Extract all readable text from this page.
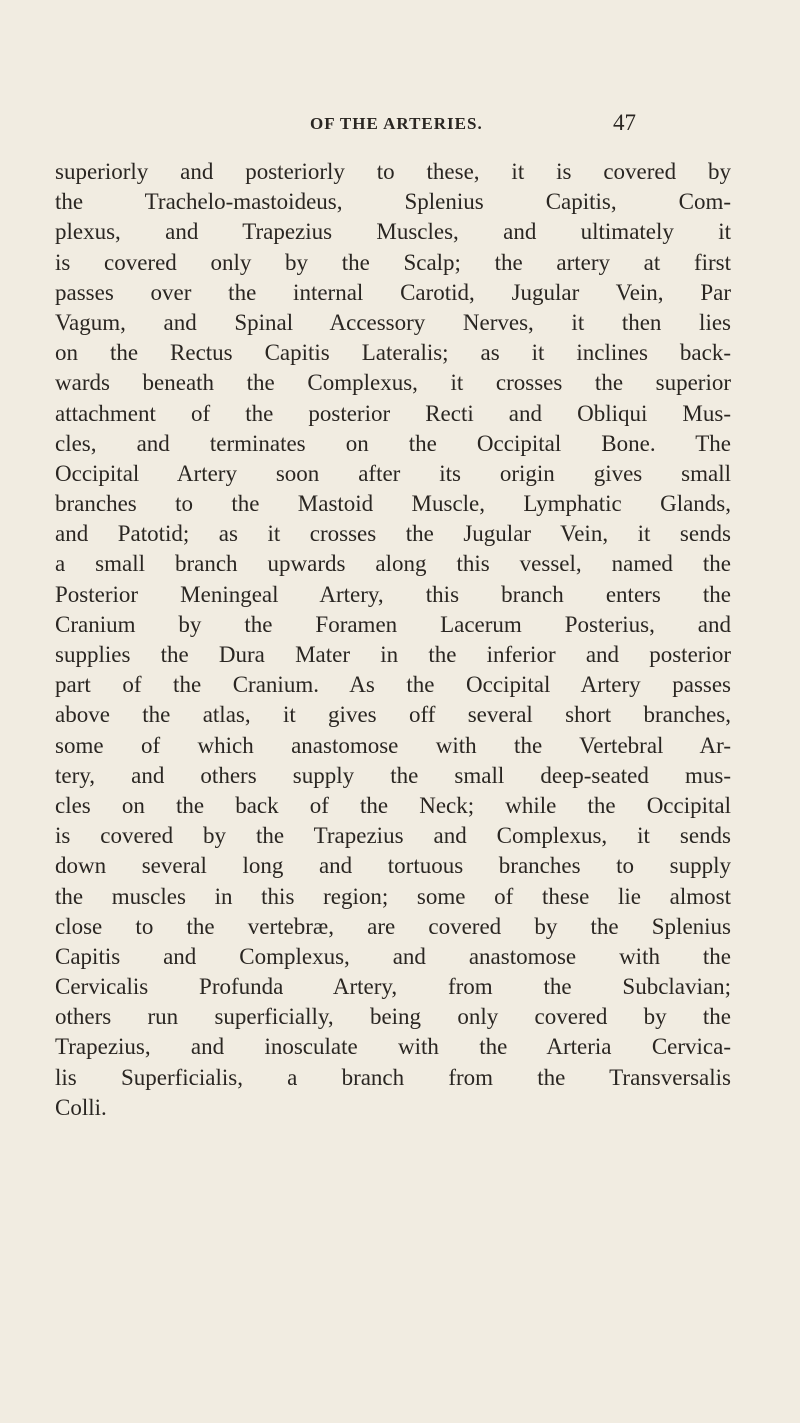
OF THE ARTERIES.	47
superiorly and posteriorly to these, it is covered by
the Trachelo-mastoideus, Splenius Capitis, Com-
plexus, and Trapezius Muscles, and ultimately it
is covered only by the Scalp; the artery at first
passes over the internal Carotid, Jugular Vein, Par
Vagum, and Spinal Accessory Nerves, it then lies
on the Rectus Capitis Lateralis; as it inclines back-
wards beneath the Complexus, it crosses the superior
attachment of the posterior Recti and Obliqui Mus-
cles, and terminates on the Occipital Bone. The
Occipital Artery soon after its origin gives small
branches to the Mastoid Muscle, Lymphatic Glands,
and Patotid; as it crosses the Jugular Vein, it sends
a small branch upwards along this vessel, named the
Posterior Meningeal Artery, this branch enters the
Cranium by the Foramen Lacerum Posterius, and
supplies the Dura Mater in the inferior and posterior
part of the Cranium. As the Occipital Artery passes
above the atlas, it gives off several short branches,
some of which anastomose with the Vertebral Ar-
tery, and others supply the small deep-seated mus-
cles on the back of the Neck; while the Occipital
is covered by the Trapezius and Complexus, it sends
down several long and tortuous branches to supply
the muscles in this region; some of these lie almost
close to the vertebræ, are covered by the Splenius
Capitis and Complexus, and anastomose with the
Cervicalis Profunda Artery, from the Subclavian;
others run superficially, being only covered by the
Trapezius, and inosculate with the Arteria Cervica-
lis Superficialis, a branch from the Transversalis
Colli.
